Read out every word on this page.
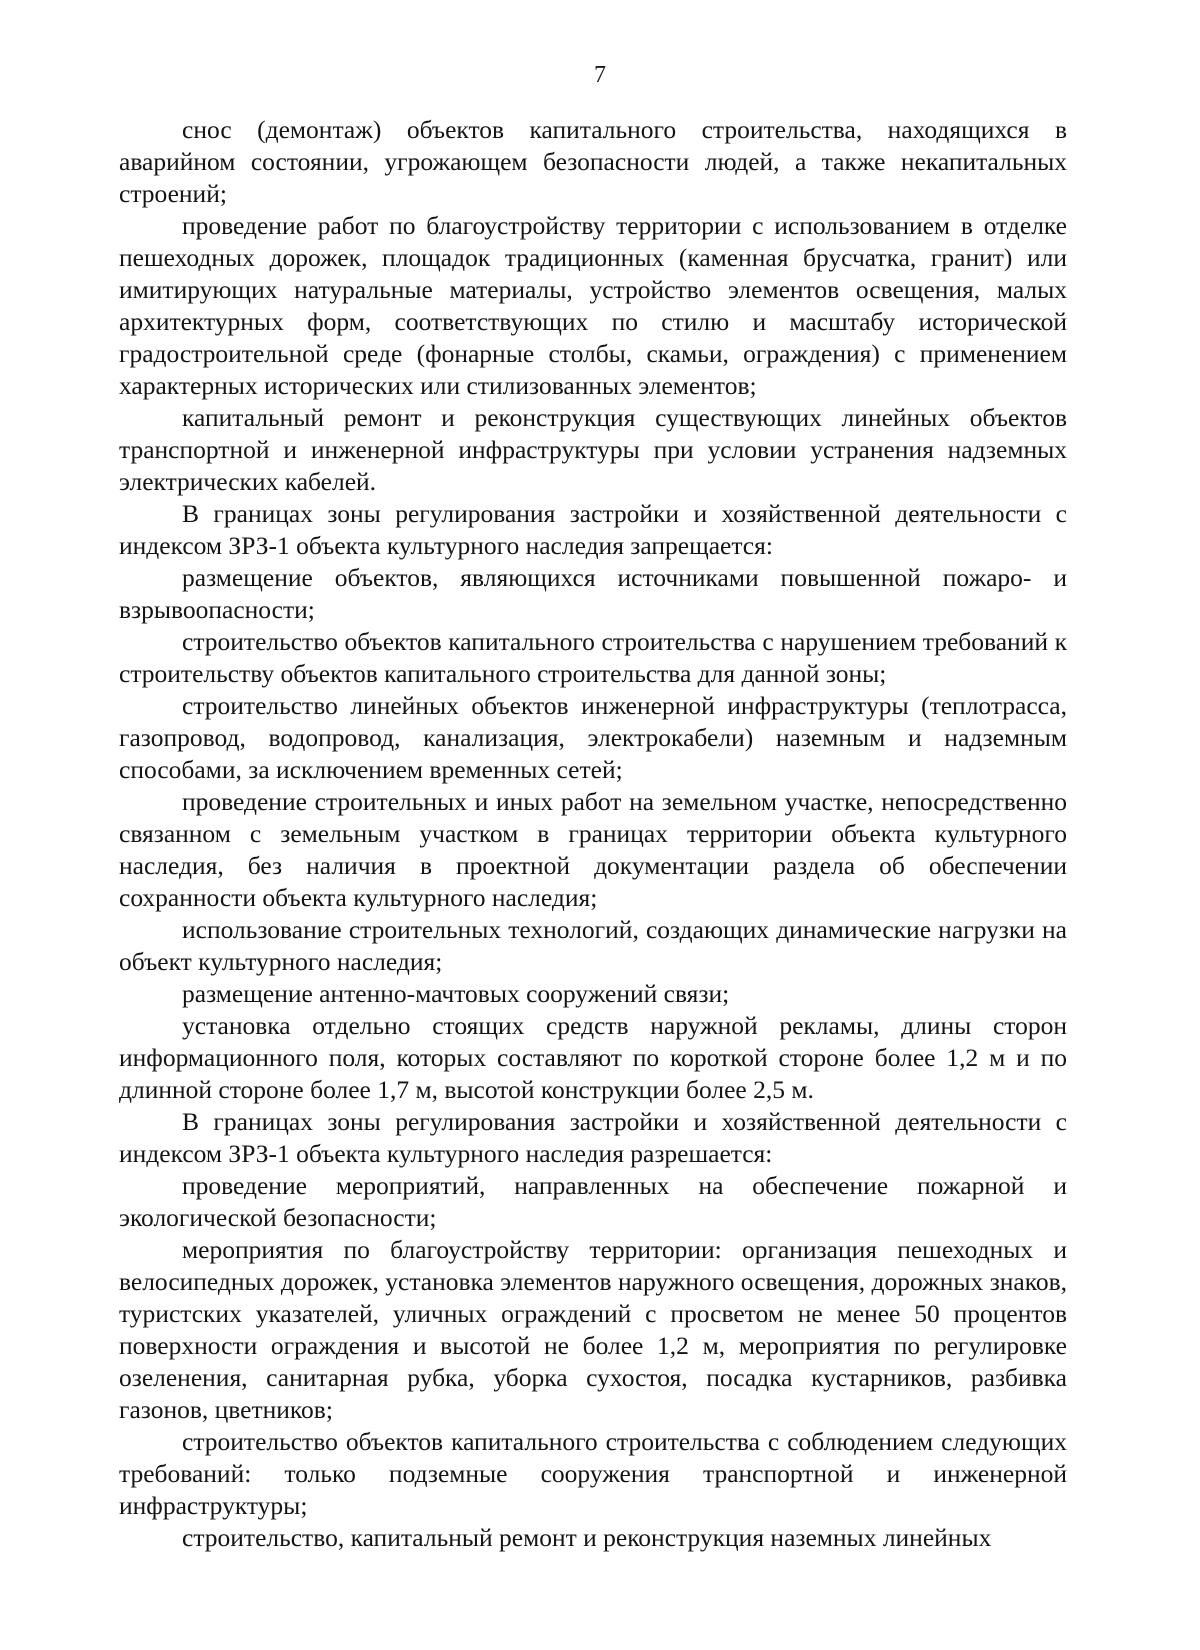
7

снос (демонтаж) объектов капитального строительства, находящихся в аварийном состоянии, угрожающем безопасности людей, а также некапитальных строений;

проведение работ по благоустройству территории с использованием в отделке пешеходных дорожек, площадок традиционных (каменная брусчатка, гранит) или имитирующих натуральные материалы, устройство элементов освещения, малых архитектурных форм, соответствующих по стилю и масштабу исторической градостроительной среде (фонарные столбы, скамьи, ограждения) с применением характерных исторических или стилизованных элементов;

капитальный ремонт и реконструкция существующих линейных объектов транспортной и инженерной инфраструктуры при условии устранения надземных электрических кабелей.

В границах зоны регулирования застройки и хозяйственной деятельности с индексом ЗРЗ-1 объекта культурного наследия запрещается:

размещение объектов, являющихся источниками повышенной пожаро- и взрывоопасности;

строительство объектов капитального строительства с нарушением требований к строительству объектов капитального строительства для данной зоны;

строительство линейных объектов инженерной инфраструктуры (теплотрасса, газопровод, водопровод, канализация, электрокабели) наземным и надземным способами, за исключением временных сетей;

проведение строительных и иных работ на земельном участке, непосредственно связанном с земельным участком в границах территории объекта культурного наследия, без наличия в проектной документации раздела об обеспечении сохранности объекта культурного наследия;

использование строительных технологий, создающих динамические нагрузки на объект культурного наследия;

размещение антенно-мачтовых сооружений связи;

установка отдельно стоящих средств наружной рекламы, длины сторон информационного поля, которых составляют по короткой стороне более 1,2 м и по длинной стороне более 1,7 м, высотой конструкции более 2,5 м.

В границах зоны регулирования застройки и хозяйственной деятельности с индексом ЗРЗ-1 объекта культурного наследия разрешается:

проведение мероприятий, направленных на обеспечение пожарной и экологической безопасности;

мероприятия по благоустройству территории: организация пешеходных и велосипедных дорожек, установка элементов наружного освещения, дорожных знаков, туристских указателей, уличных ограждений с просветом не менее 50 процентов поверхности ограждения и высотой не более 1,2 м, мероприятия по регулировке озеленения, санитарная рубка, уборка сухостоя, посадка кустарников, разбивка газонов, цветников;

строительство объектов капитального строительства с соблюдением следующих требований: только подземные сооружения транспортной и инженерной инфраструктуры;

строительство, капитальный ремонт и реконструкция наземных линейных
